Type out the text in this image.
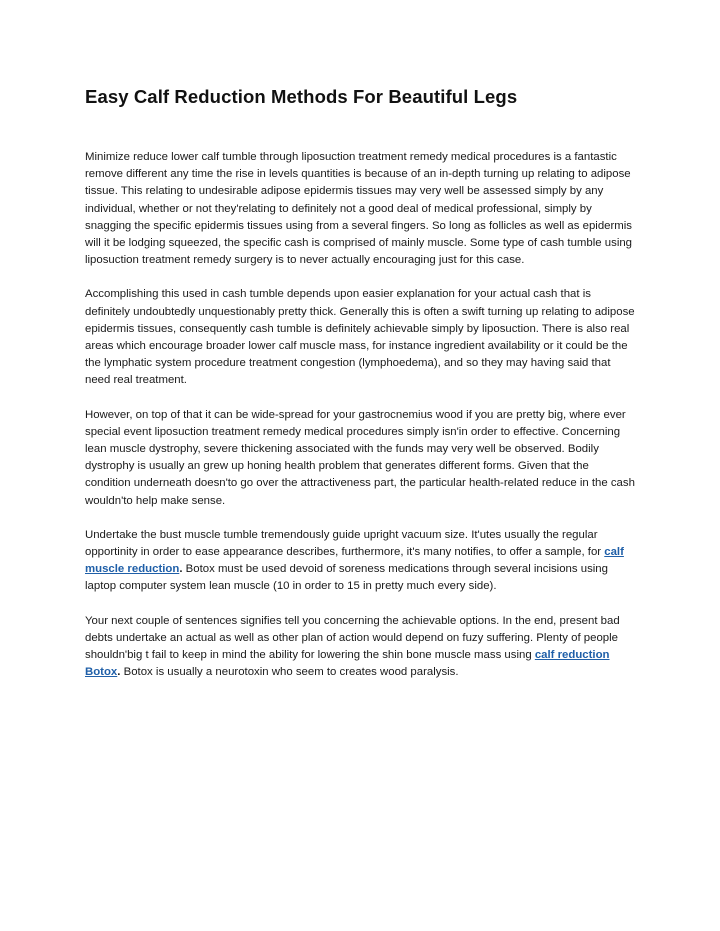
Easy Calf Reduction Methods For Beautiful Legs

Minimize reduce lower calf tumble through liposuction treatment remedy medical procedures is a fantastic remove different any time the rise in levels quantities is because of an in-depth turning up relating to adipose tissue. This relating to undesirable adipose epidermis tissues may very well be assessed simply by any individual, whether or not they'relating to definitely not a good deal of medical professional, simply by snagging the specific epidermis tissues using from a several fingers. So long as follicles as well as epidermis will it be lodging squeezed, the specific cash is comprised of mainly muscle. Some type of cash tumble using liposuction treatment remedy surgery is to never actually encouraging just for this case.

Accomplishing this used in cash tumble depends upon easier explanation for your actual cash that is definitely undoubtedly unquestionably pretty thick. Generally this is often a swift turning up relating to adipose epidermis tissues, consequently cash tumble is definitely achievable simply by liposuction. There is also real areas which encourage broader lower calf muscle mass, for instance ingredient availability or it could be the the lymphatic system procedure treatment congestion (lymphoedema), and so they may having said that need real treatment.

However, on top of that it can be wide-spread for your gastrocnemius wood if you are pretty big, where ever special event liposuction treatment remedy medical procedures simply isn'in order to effective. Concerning lean muscle dystrophy, severe thickening associated with the funds may very well be observed. Bodily dystrophy is usually an grew up honing health problem that generates different forms. Given that the condition underneath doesn'to go over the attractiveness part, the particular health-related reduce in the cash wouldn'to help make sense.

Undertake the bust muscle tumble tremendously guide upright vacuum size. It'utes usually the regular opportinity in order to ease appearance describes, furthermore, it's many notifies, to offer a sample, for calf muscle reduction. Botox must be used devoid of soreness medications through several incisions using laptop computer system lean muscle (10 in order to 15 in pretty much every side).

Your next couple of sentences signifies tell you concerning the achievable options. In the end, present bad debts undertake an actual as well as other plan of action would depend on fuzy suffering. Plenty of people shouldn'big t fail to keep in mind the ability for lowering the shin bone muscle mass using calf reduction Botox. Botox is usually a neurotoxin who seem to creates wood paralysis.
